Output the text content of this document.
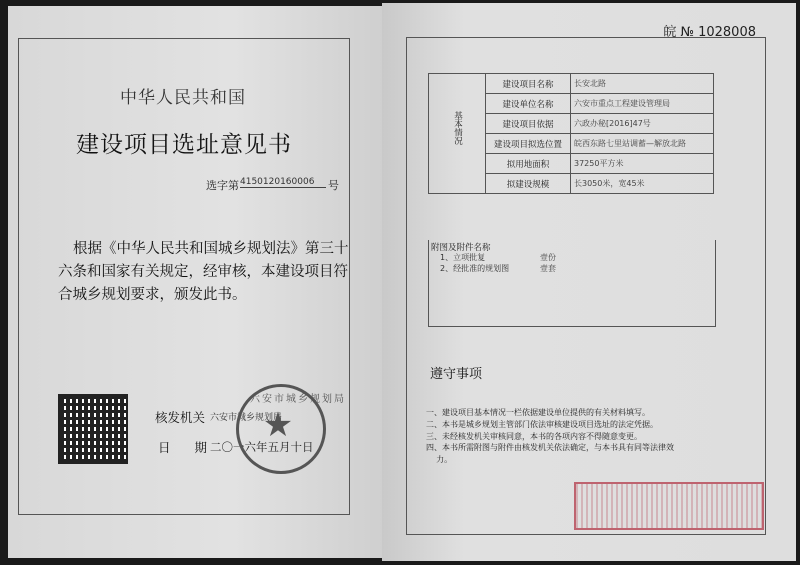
中华人民共和国
建设项目选址意见书
选字第 4150120160006	号
根据《中华人民共和国城乡规划法》第三十六条和国家有关规定，经审核，本建设项目符合城乡规划要求，颁发此书。
核发机关 六安市城乡规划局
日 期 二〇一六年五月十日
★
六安市城乡规划局
皖 № 1028008
基本情况	建设项目名称	长安北路
	建设单位名称	六安市重点工程建设管理局
	建设项目依据	六政办秘[2016]47号
	建设项目拟选位置	皖西东路七里站调蓄—解放北路
	拟用地面积	37250平方米
	拟建设规模	长3050米，宽45米
附图及附件名称
1、立项批复	壹份
2、经批准的规划图	壹套
遵守事项
一、建设项目基本情况一栏依据建设单位提供的有关材料填写。
二、本书是城乡规划主管部门依法审核建设项目选址的法定凭据。
三、未经核发机关审核同意，本书的各项内容不得随意变更。
四、本书所需附图与附件由核发机关依法确定，与本书具有同等法律效
力。
